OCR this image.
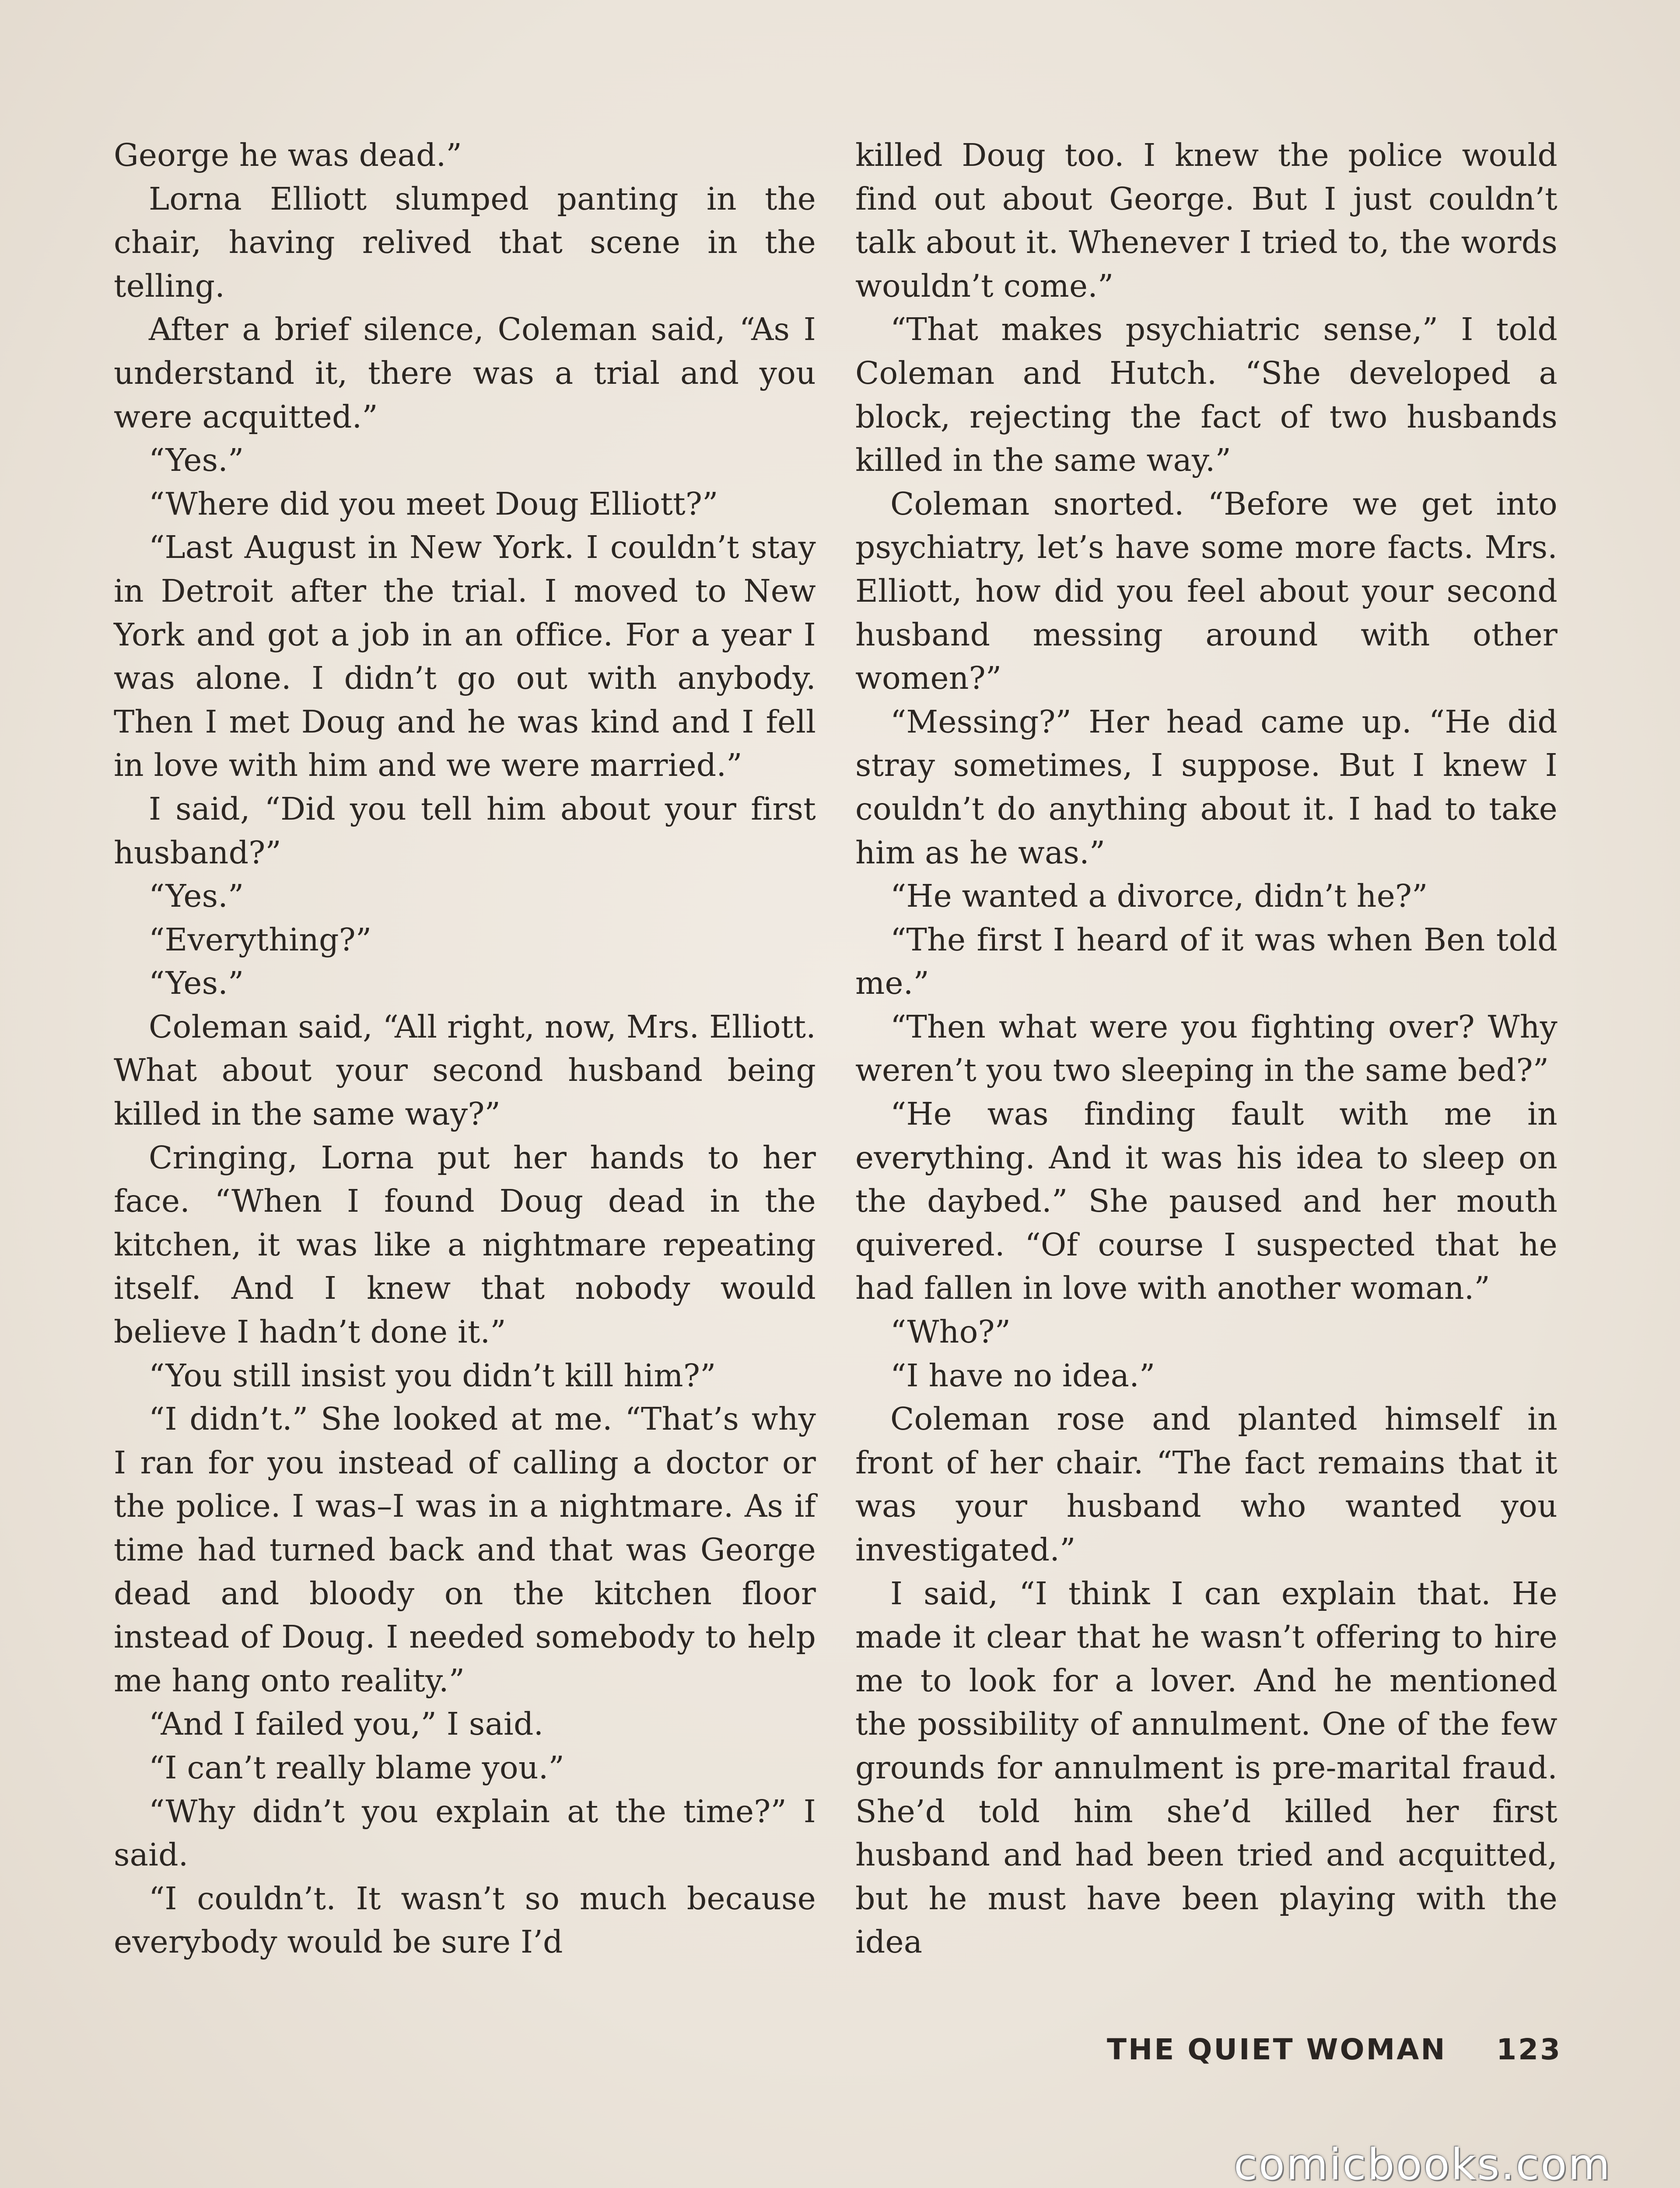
George he was dead.”

Lorna Elliott slumped panting in the chair, having relived that scene in the telling.

After a brief silence, Coleman said, “As I understand it, there was a trial and you were acquitted.”

“Yes.”

“Where did you meet Doug Elliott?”

“Last August in New York. I couldn’t stay in Detroit after the trial. I moved to New York and got a job in an office. For a year I was alone. I didn’t go out with anybody. Then I met Doug and he was kind and I fell in love with him and we were married.”

I said, “Did you tell him about your first husband?”

“Yes.”

“Everything?”

“Yes.”

Coleman said, “All right, now, Mrs. Elliott. What about your second husband being killed in the same way?”

Cringing, Lorna put her hands to her face. “When I found Doug dead in the kitchen, it was like a nightmare repeating itself. And I knew that nobody would believe I hadn’t done it.”

“You still insist you didn’t kill him?”

“I didn’t.” She looked at me. “That’s why I ran for you instead of calling a doctor or the police. I was–I was in a nightmare. As if time had turned back and that was George dead and bloody on the kitchen floor instead of Doug. I needed somebody to help me hang onto reality.”

“And I failed you,” I said.

“I can’t really blame you.”

“Why didn’t you explain at the time?” I said.

“I couldn’t. It wasn’t so much because everybody would be sure I’d

killed Doug too. I knew the police would find out about George. But I just couldn’t talk about it. Whenever I tried to, the words wouldn’t come.”

“That makes psychiatric sense,” I told Coleman and Hutch. “She developed a block, rejecting the fact of two husbands killed in the same way.”

Coleman snorted. “Before we get into psychiatry, let’s have some more facts. Mrs. Elliott, how did you feel about your second husband messing around with other women?”

“Messing?” Her head came up. “He did stray sometimes, I suppose. But I knew I couldn’t do anything about it. I had to take him as he was.”

“He wanted a divorce, didn’t he?”

“The first I heard of it was when Ben told me.”

“Then what were you fighting over? Why weren’t you two sleeping in the same bed?”

“He was finding fault with me in everything. And it was his idea to sleep on the daybed.” She paused and her mouth quivered. “Of course I suspected that he had fallen in love with another woman.”

“Who?”

“I have no idea.”

Coleman rose and planted himself in front of her chair. “The fact remains that it was your husband who wanted you investigated.”

I said, “I think I can explain that. He made it clear that he wasn’t offering to hire me to look for a lover. And he mentioned the possibility of annulment. One of the few grounds for annulment is pre-marital fraud. She’d told him she’d killed her first husband and had been tried and acquitted, but he must have been playing with the idea

THE QUIET WOMAN 123
comicbooks.com
